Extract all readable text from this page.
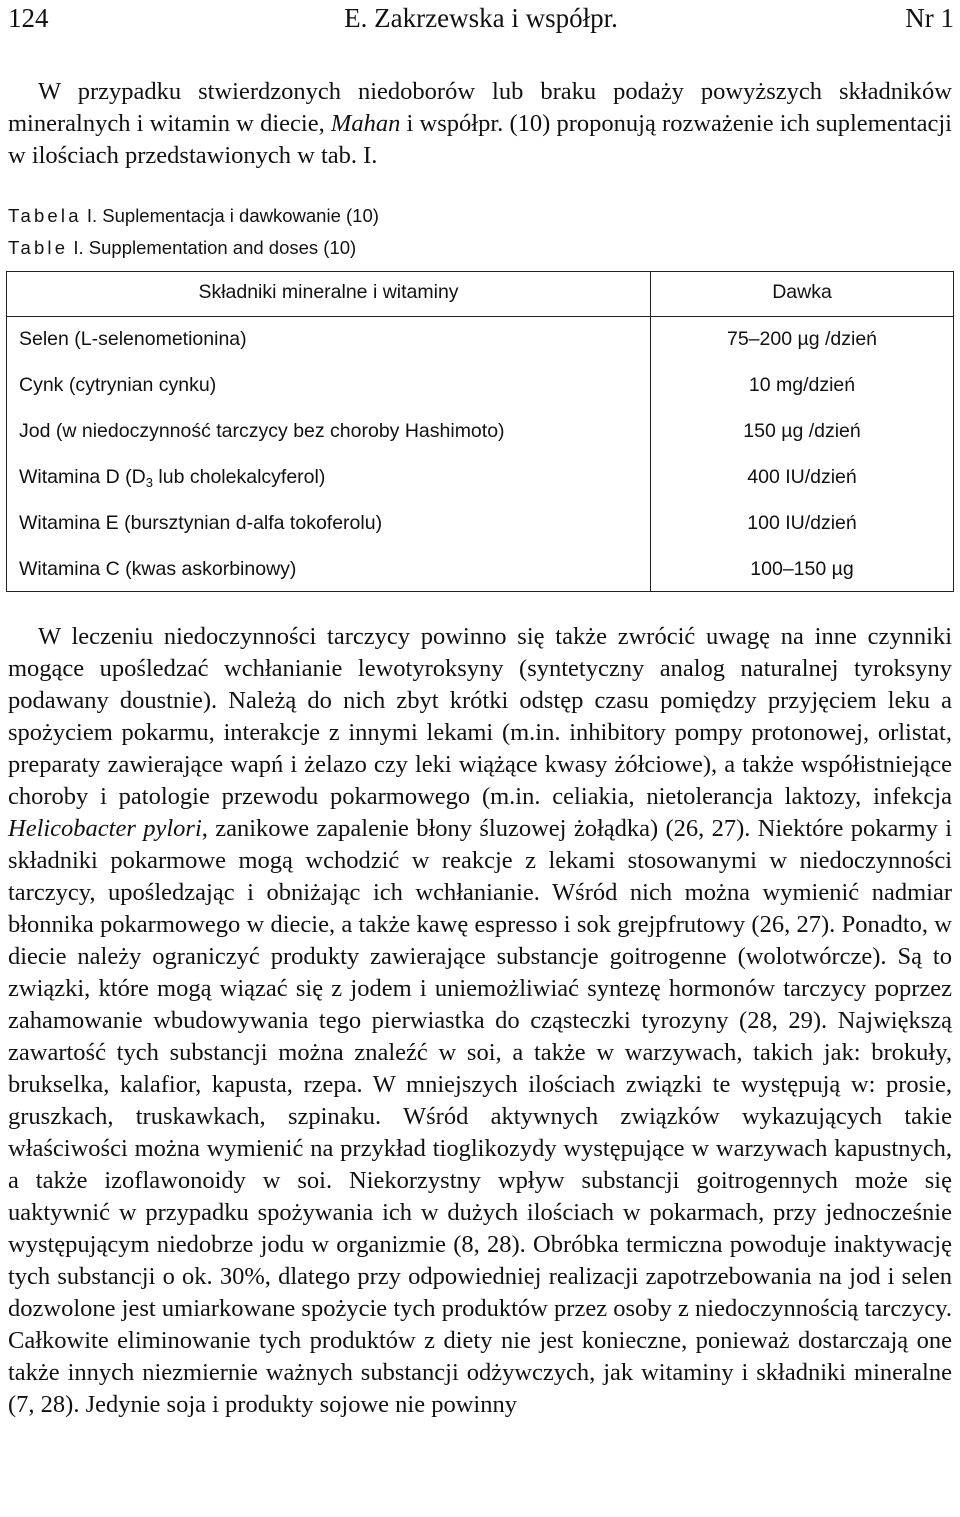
124	E. Zakrzewska i współpr.	Nr 1

W przypadku stwierdzonych niedoborów lub braku podaży powyższych składników mineralnych i witamin w diecie, Mahan i współpr. (10) proponują rozważenie ich suplementacji w ilościach przedstawionych w tab. I.

Tabela I. Suplementacja i dawkowanie (10)
Table I. Supplementation and doses (10)
Składniki mineralne i witaminy	Dawka
Selen (L-selenometionina)	75–200 µg /dzień
Cynk (cytrynian cynku)	10 mg/dzień
Jod (w niedoczynność tarczycy bez choroby Hashimoto)	150 µg /dzień
Witamina D ($D_3$ lub cholekalcyferol)	400 IU/dzień
Witamina E (bursztynian d-alfa tokoferolu)	100 IU/dzień
Witamina C (kwas askorbinowy)	100–150 µg

W leczeniu niedoczynności tarczycy powinno się także zwrócić uwagę na inne czynniki mogące upośledzać wchłanianie lewotyroksyny (syntetyczny analog naturalnej tyroksyny podawany doustnie). Należą do nich zbyt krótki odstęp czasu pomiędzy przyjęciem leku a spożyciem pokarmu, interakcje z innymi lekami (m.in. inhibitory pompy protonowej, orlistat, preparaty zawierające wapń i żelazo czy leki wiążące kwasy żółciowe), a także współistniejące choroby i patologie przewodu pokarmowego (m.in. celiakia, nietolerancja laktozy, infekcja Helicobacter pylori, zanikowe zapalenie błony śluzowej żołądka) (26, 27). Niektóre pokarmy i składniki pokarmowe mogą wchodzić w reakcje z lekami stosowanymi w niedoczynności tarczycy, upośledzając i obniżając ich wchłanianie. Wśród nich można wymienić nadmiar błonnika pokarmowego w diecie, a także kawę espresso i sok grejpfrutowy (26, 27). Ponadto, w diecie należy ograniczyć produkty zawierające substancje goitrogenne (wolotwórcze). Są to związki, które mogą wiązać się z jodem i uniemożliwiać syntezę hormonów tarczycy poprzez zahamowanie wbudowywania tego pierwiastka do cząsteczki tyrozyny (28, 29). Największą zawartość tych substancji można znaleźć w soi, a także w warzywach, takich jak: brokuły, brukselka, kalafior, kapusta, rzepa. W mniejszych ilościach związki te występują w: prosie, gruszkach, truskawkach, szpinaku. Wśród aktywnych związków wykazujących takie właściwości można wymienić na przykład tioglikozydy występujące w warzywach kapustnych, a także izoflawonoidy w soi. Niekorzystny wpływ substancji goitrogennych może się uaktywnić w przypadku spożywania ich w dużych ilościach w pokarmach, przy jednocześnie występującym niedobrze jodu w organizmie (8, 28). Obróbka termiczna powoduje inaktywację tych substancji o ok. 30%, dlatego przy odpowiedniej realizacji zapotrzebowania na jod i selen dozwolone jest umiarkowane spożycie tych produktów przez osoby z niedoczynnością tarczycy. Całkowite eliminowanie tych produktów z diety nie jest konieczne, ponieważ dostarczają one także innych niezmiernie ważnych substancji odżywczych, jak witaminy i składniki mineralne (7, 28). Jedynie soja i produkty sojowe nie powinny
